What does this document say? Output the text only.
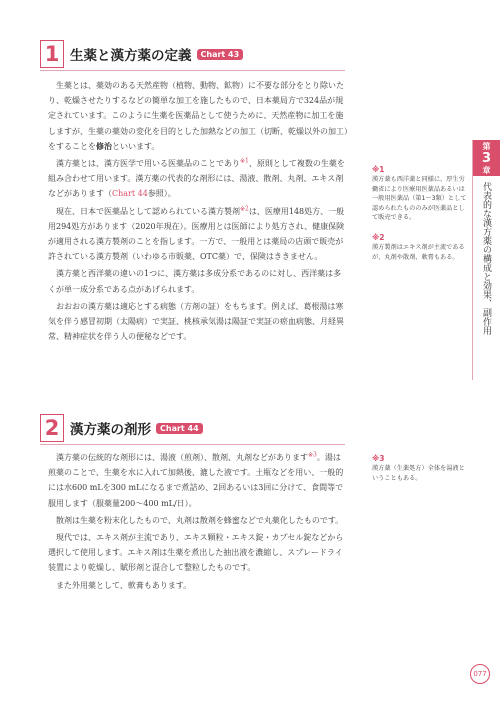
1 生薬と漢方薬の定義	Chart 43

生薬とは、薬効のある天然産物（植物、動物、鉱物）に不要な部分をとり除いたり、乾燥させたりするなどの簡単な加工を施したもので、日本薬局方で324品が規定されています。このように生薬を医薬品として使うために、天然産物に加工を施しますが、生薬の薬効の変化を目的とした加熱などの加工（切断、乾燥以外の加工）をすることを修治といいます。

漢方薬とは、漢方医学で用いる医薬品のことであり$^{※1}$、原則として複数の生薬を組み合わせて用います。漢方薬の代表的な剤形には、湯液、散剤、丸剤、エキス剤などがあります（Chart 44参照）。

現在、日本で医薬品として認められている漢方製剤$^{※2}$は、医療用148処方、一般用294処方があります（2020年現在）。医療用とは医師により処方され、健康保険が適用される漢方製剤のことを指します。一方で、一般用とは薬局の店頭で販売が許されている漢方製剤（いわゆる市販薬、OTC薬）で、保険はききません。

漢方薬と西洋薬の違いの1つに、漢方薬は多成分系であるのに対し、西洋薬は多くが単一成分系である点があげられます。

おおおの漢方薬は適応とする病態（方剤の証）をもちます。例えば、葛根湯は寒気を伴う感冒初期（太陽病）で実証、桃核承気湯は陽証で実証の瘀血病態、月経異常、精神症状を伴う人の便秘などです。

2 漢方薬の剤形	Chart 44

漢方薬の伝統的な剤形には、湯液（煎剤）、散剤、丸剤などがあります$^{※3}$。湯は煎薬のことで、生薬を水に入れて加熱後、漉した液です。土瓶などを用い、一般的には水600 mLを300 mLになるまで煮詰め、2回あるいは3回に分けて、食間等で服用します（服薬量200～400 mL/日）。

散剤は生薬を粉末化したもので、丸剤は散剤を蜂蜜などで丸薬化したものです。

現代では、エキス剤が主流であり、エキス顆粒・エキス錠・カプセル錠などから選択して使用します。エキス剤は生薬を煮出した抽出液を濃縮し、スプレードライ装置により乾燥し、賦形剤と混合して整粒したものです。

また外用薬として、軟膏もあります。

※1
漢方薬も西洋薬と同様に、厚生労働省により医療用医薬品あるいは一般用医薬品（第1～3類）として認められたもののみが医薬品として販売できる。
※2
漢方製剤はエキス剤が主流であるが、丸剤や散剤、軟膏もある。
※3
漢方薬（生薬処方）全体を湯液ということもある。
第
3
章
代表的な漢方薬の構成と効果、副作用
077
